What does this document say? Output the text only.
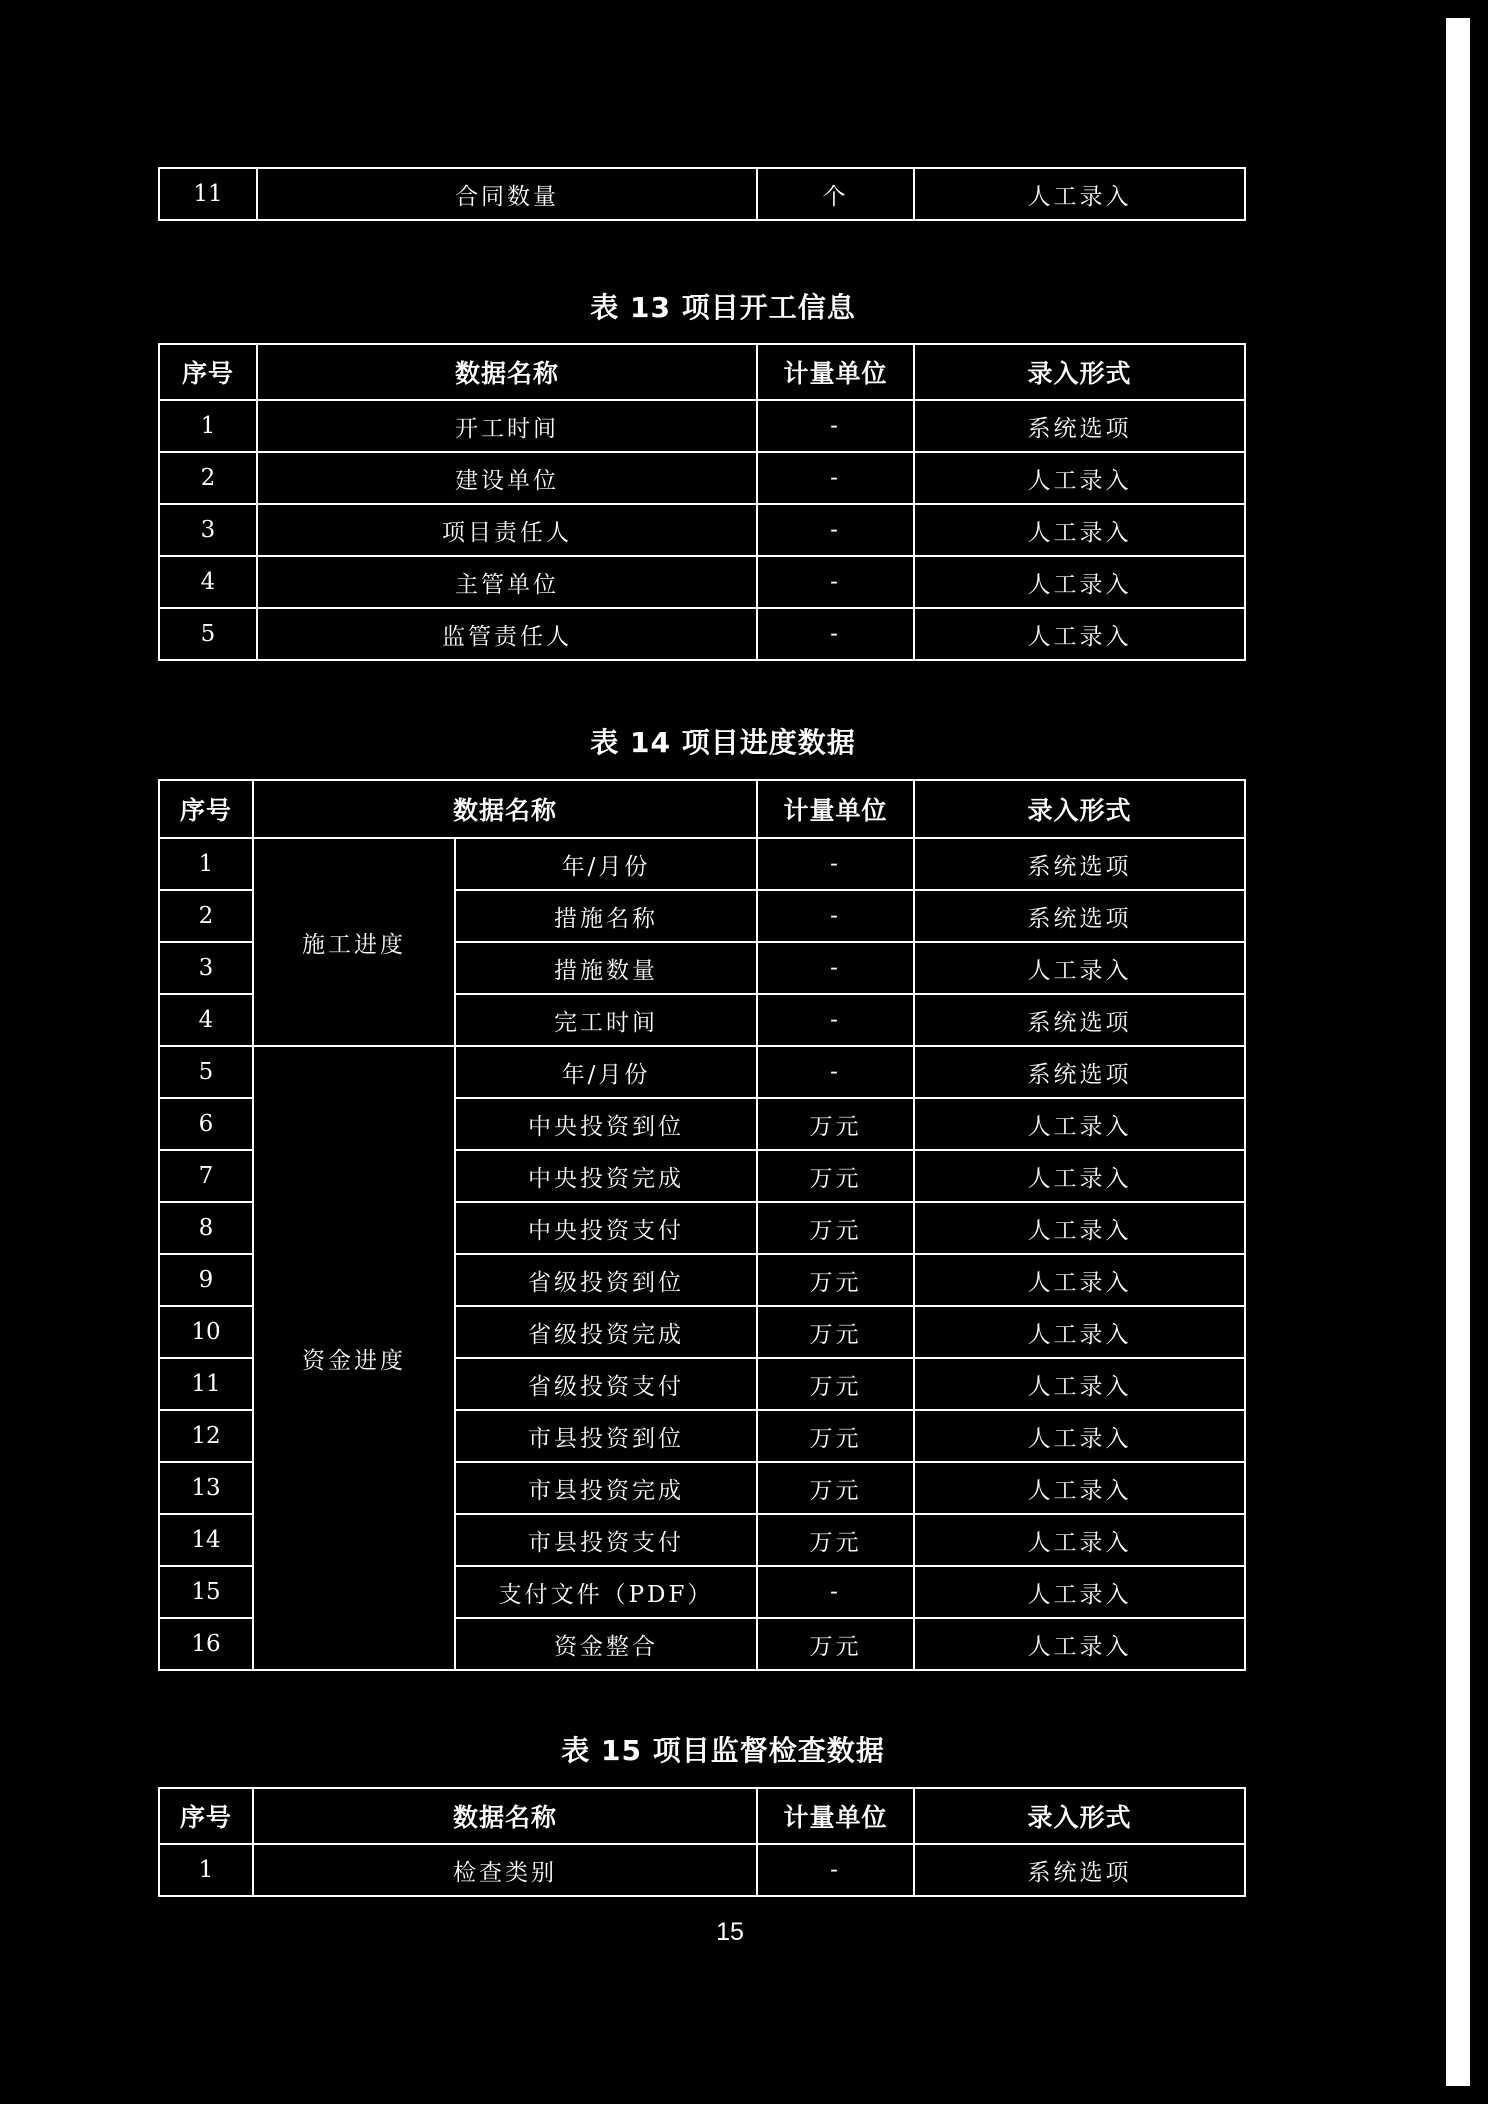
11	合同数量	个	人工录入
表 13 项目开工信息
序号	数据名称	计量单位	录入形式
1	开工时间	-	系统选项
2	建设单位	-	人工录入
3	项目责任人	-	人工录入
4	主管单位	-	人工录入
5	监管责任人	-	人工录入
表 14 项目进度数据
序号	数据名称		计量单位	录入形式
1	施工进度	年/月份	-	系统选项
2		措施名称	-	系统选项
3		措施数量	-	人工录入
4		完工时间	-	系统选项
5	资金进度	年/月份	-	系统选项
6		中央投资到位	万元	人工录入
7		中央投资完成	万元	人工录入
8		中央投资支付	万元	人工录入
9		省级投资到位	万元	人工录入
10		省级投资完成	万元	人工录入
11		省级投资支付	万元	人工录入
12		市县投资到位	万元	人工录入
13		市县投资完成	万元	人工录入
14		市县投资支付	万元	人工录入
15		支付文件（PDF）	-	人工录入
16		资金整合	万元	人工录入
表 15 项目监督检查数据
序号	数据名称	计量单位	录入形式
1	检查类别	-	系统选项
15
